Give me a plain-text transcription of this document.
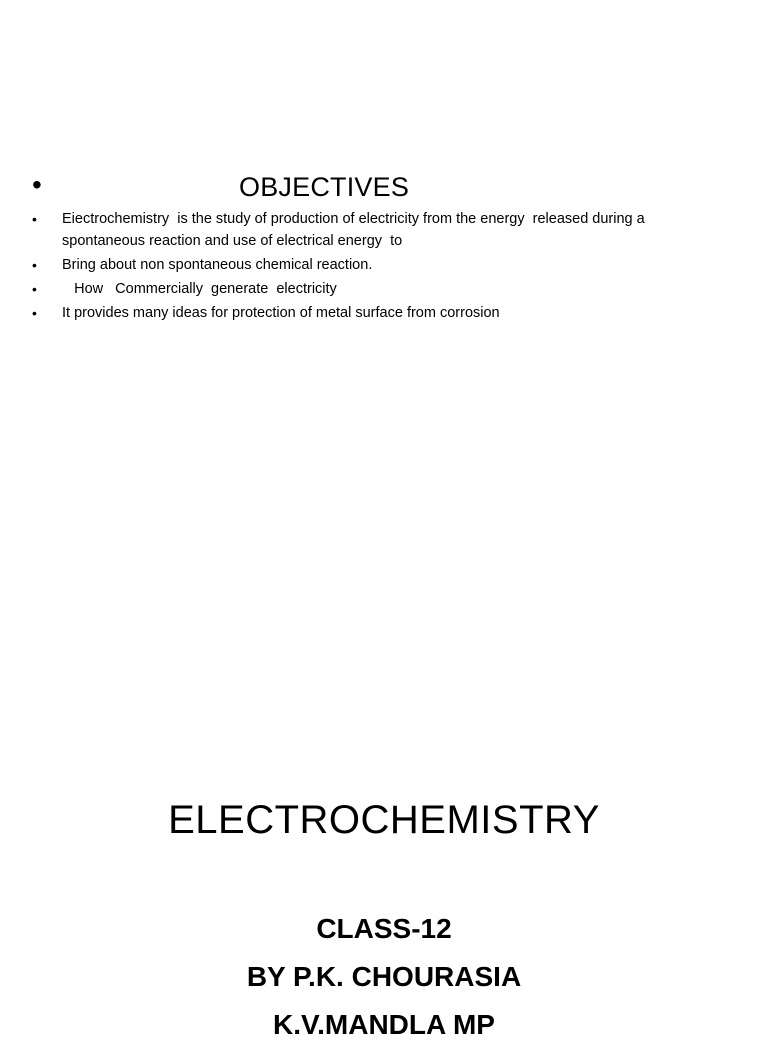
•	OBJECTIVES
• Eiectrochemistry  is the study of production of electricity from the energy  released during a spontaneous reaction and use of electrical energy  to
• Bring about non spontaneous chemical reaction.
• How   Commercially  generate  electricity
• It provides many ideas for protection of metal surface from corrosion
ELECTROCHEMISTRY
CLASS-12
BY P.K. CHOURASIA
K.V.MANDLA MP
